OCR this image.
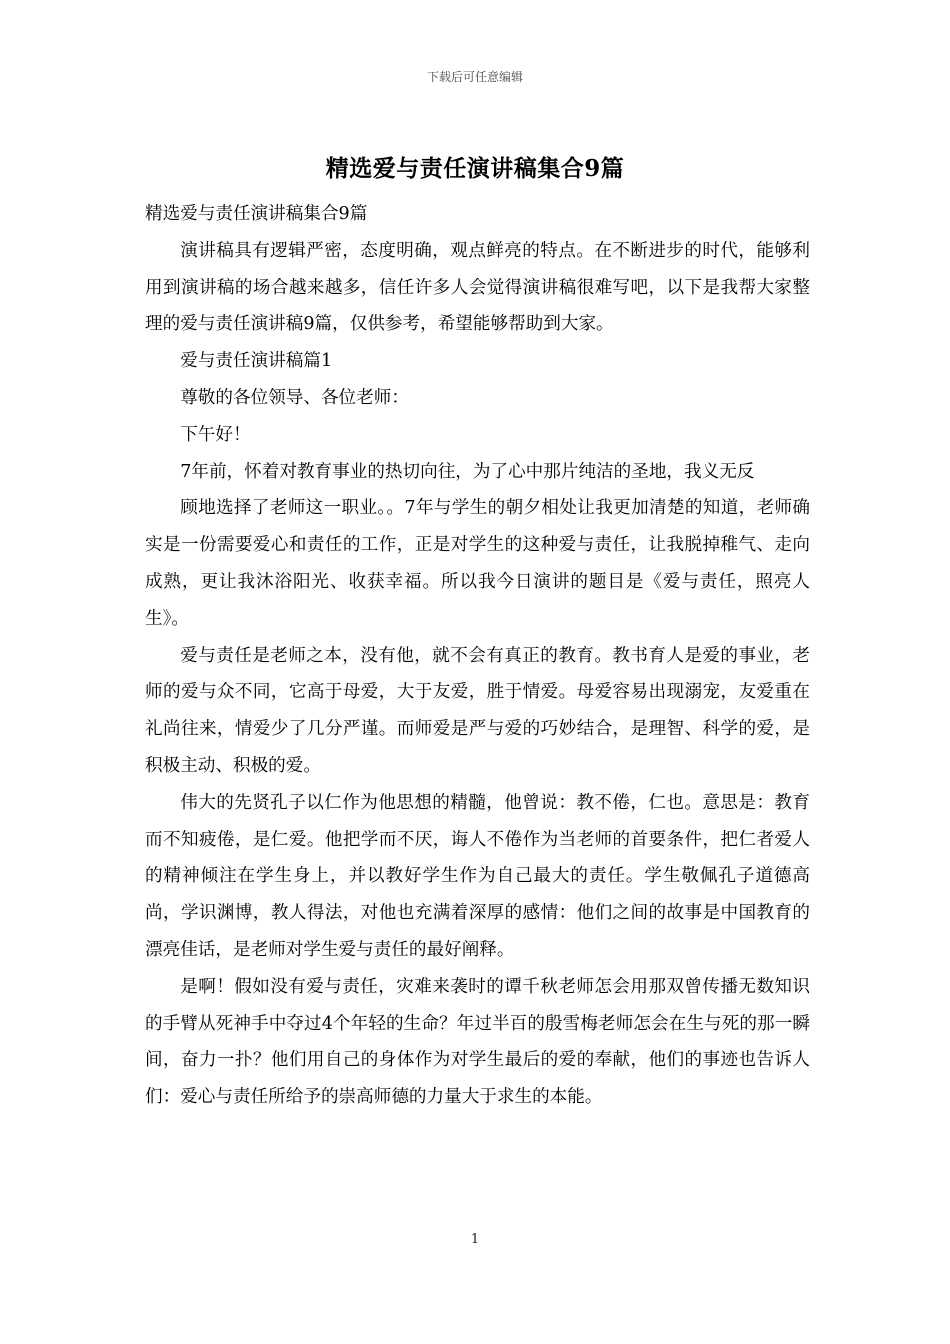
下载后可任意编辑
精选爱与责任演讲稿集合9篇

精选爱与责任演讲稿集合9篇

演讲稿具有逻辑严密，态度明确，观点鲜亮的特点。在不断进步的时代，能够利用到演讲稿的场合越来越多，信任许多人会觉得演讲稿很难写吧，以下是我帮大家整理的爱与责任演讲稿9篇，仅供参考，希望能够帮助到大家。

爱与责任演讲稿篇1

尊敬的各位领导、各位老师：

下午好！

7年前，怀着对教育事业的热切向往，为了心中那片纯洁的圣地，我义无反

顾地选择了老师这一职业。。7年与学生的朝夕相处让我更加清楚的知道，老师确实是一份需要爱心和责任的工作，正是对学生的这种爱与责任，让我脱掉稚气、走向成熟，更让我沐浴阳光、收获幸福。所以我今日演讲的题目是《爱与责任，照亮人生》。

爱与责任是老师之本，没有他，就不会有真正的教育。教书育人是爱的事业，老师的爱与众不同，它高于母爱，大于友爱，胜于情爱。母爱容易出现溺宠，友爱重在礼尚往来，情爱少了几分严谨。而师爱是严与爱的巧妙结合，是理智、科学的爱，是积极主动、积极的爱。

伟大的先贤孔子以仁作为他思想的精髓，他曾说：教不倦，仁也。意思是：教育而不知疲倦，是仁爱。他把学而不厌，诲人不倦作为当老师的首要条件，把仁者爱人的精神倾注在学生身上，并以教好学生作为自己最大的责任。学生敬佩孔子道德高尚，学识渊博，教人得法，对他也充满着深厚的感情：他们之间的故事是中国教育的漂亮佳话，是老师对学生爱与责任的最好阐释。

是啊！假如没有爱与责任，灾难来袭时的谭千秋老师怎会用那双曾传播无数知识的手臂从死神手中夺过4个年轻的生命？年过半百的殷雪梅老师怎会在生与死的那一瞬间，奋力一扑？他们用自己的身体作为对学生最后的爱的奉献，他们的事迹也告诉人们：爱心与责任所给予的崇高师德的力量大于求生的本能。

1
